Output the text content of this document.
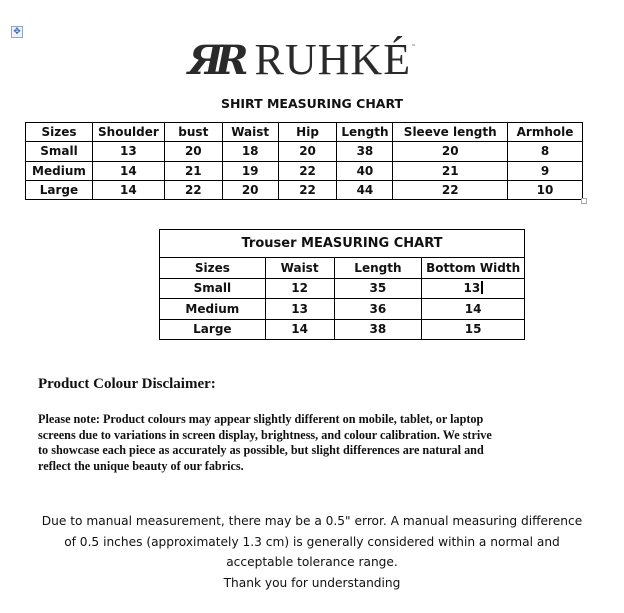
✥
ЯR RUHKÉ ™
SHIRT MEASURING CHART
Sizes	Shoulder	bust	Waist	Hip	Length	Sleeve length	Armhole
Small	13	20	18	20	38	20	8
Medium	14	21	19	22	40	21	9
Large	14	22	20	22	44	22	10
Trouser MEASURING CHART			
Sizes	Waist	Length	Bottom Width
Small	12	35	13
Medium	13	36	14
Large	14	38	15
Product Colour Disclaimer:
Please note: Product colours may appear slightly different on mobile, tablet, or laptop
screens due to variations in screen display, brightness, and colour calibration. We strive
to showcase each piece as accurately as possible, but slight differences are natural and
reflect the unique beauty of our fabrics.
Due to manual measurement, there may be a 0.5" error. A manual measuring difference
of 0.5 inches (approximately 1.3 cm) is generally considered within a normal and
acceptable tolerance range.
Thank you for understanding
